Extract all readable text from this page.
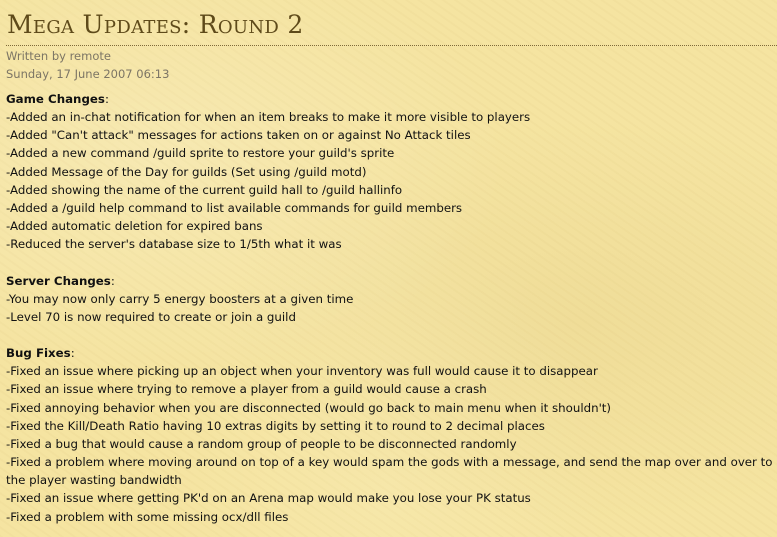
Mega Updates: Round 2
Written by remote
Sunday, 17 June 2007 06:13
Game Changes:
-Added an in-chat notification for when an item breaks to make it more visible to players
-Added "Can't attack" messages for actions taken on or against No Attack tiles
-Added a new command /guild sprite to restore your guild's sprite
-Added Message of the Day for guilds (Set using /guild motd)
-Added showing the name of the current guild hall to /guild hallinfo
-Added a /guild help command to list available commands for guild members
-Added automatic deletion for expired bans
-Reduced the server's database size to 1/5th what it was
Server Changes:
-You may now only carry 5 energy boosters at a given time
-Level 70 is now required to create or join a guild
Bug Fixes:
-Fixed an issue where picking up an object when your inventory was full would cause it to disappear
-Fixed an issue where trying to remove a player from a guild would cause a crash
-Fixed annoying behavior when you are disconnected (would go back to main menu when it shouldn't)
-Fixed the Kill/Death Ratio having 10 extras digits by setting it to round to 2 decimal places
-Fixed a bug that would cause a random group of people to be disconnected randomly
-Fixed a problem where moving around on top of a key would spam the gods with a message, and send the map over and over to the player wasting bandwidth
-Fixed an issue where getting PK'd on an Arena map would make you lose your PK status
-Fixed a problem with some missing ocx/dll files
